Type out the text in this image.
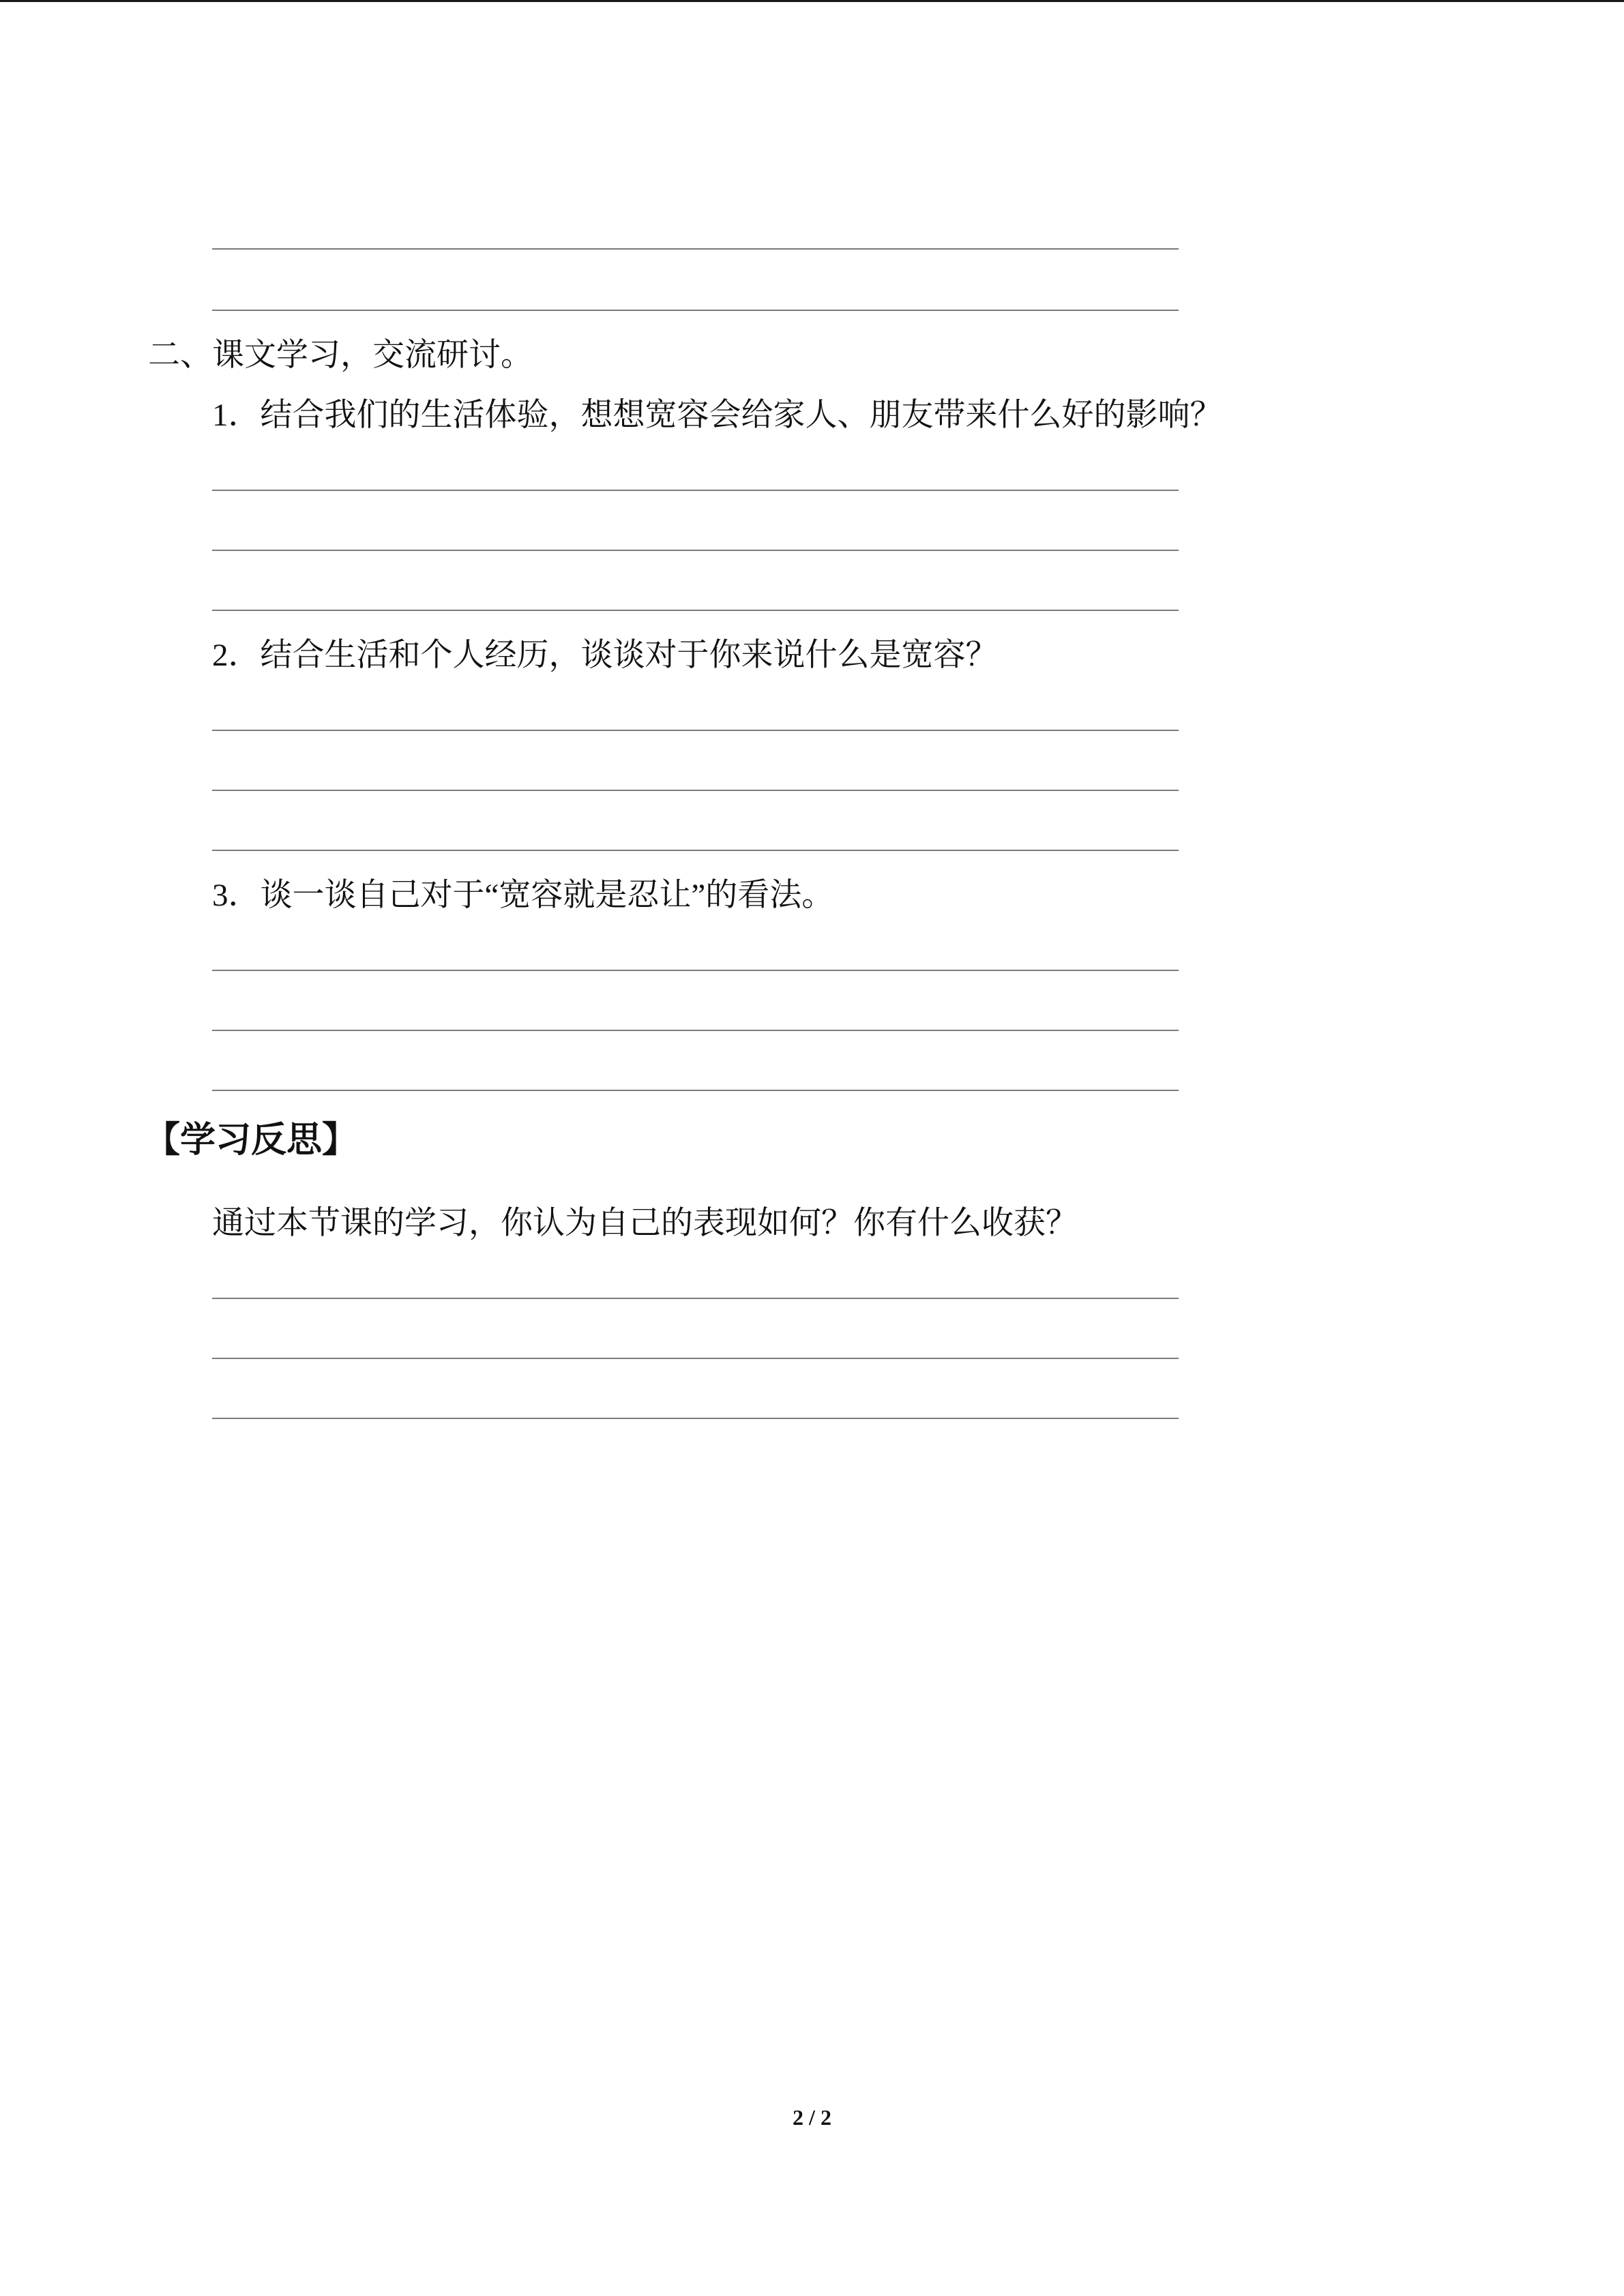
二、课文学习，交流研讨。
1．结合我们的生活体验，想想宽容会给家人、朋友带来什么好的影响？
2．结合生活和个人经历，谈谈对于你来说什么是宽容？
3．谈一谈自己对于“宽容就是忍让”的看法。
【学习反思】
通过本节课的学习，你认为自己的表现如何？你有什么收获？
2 / 2
